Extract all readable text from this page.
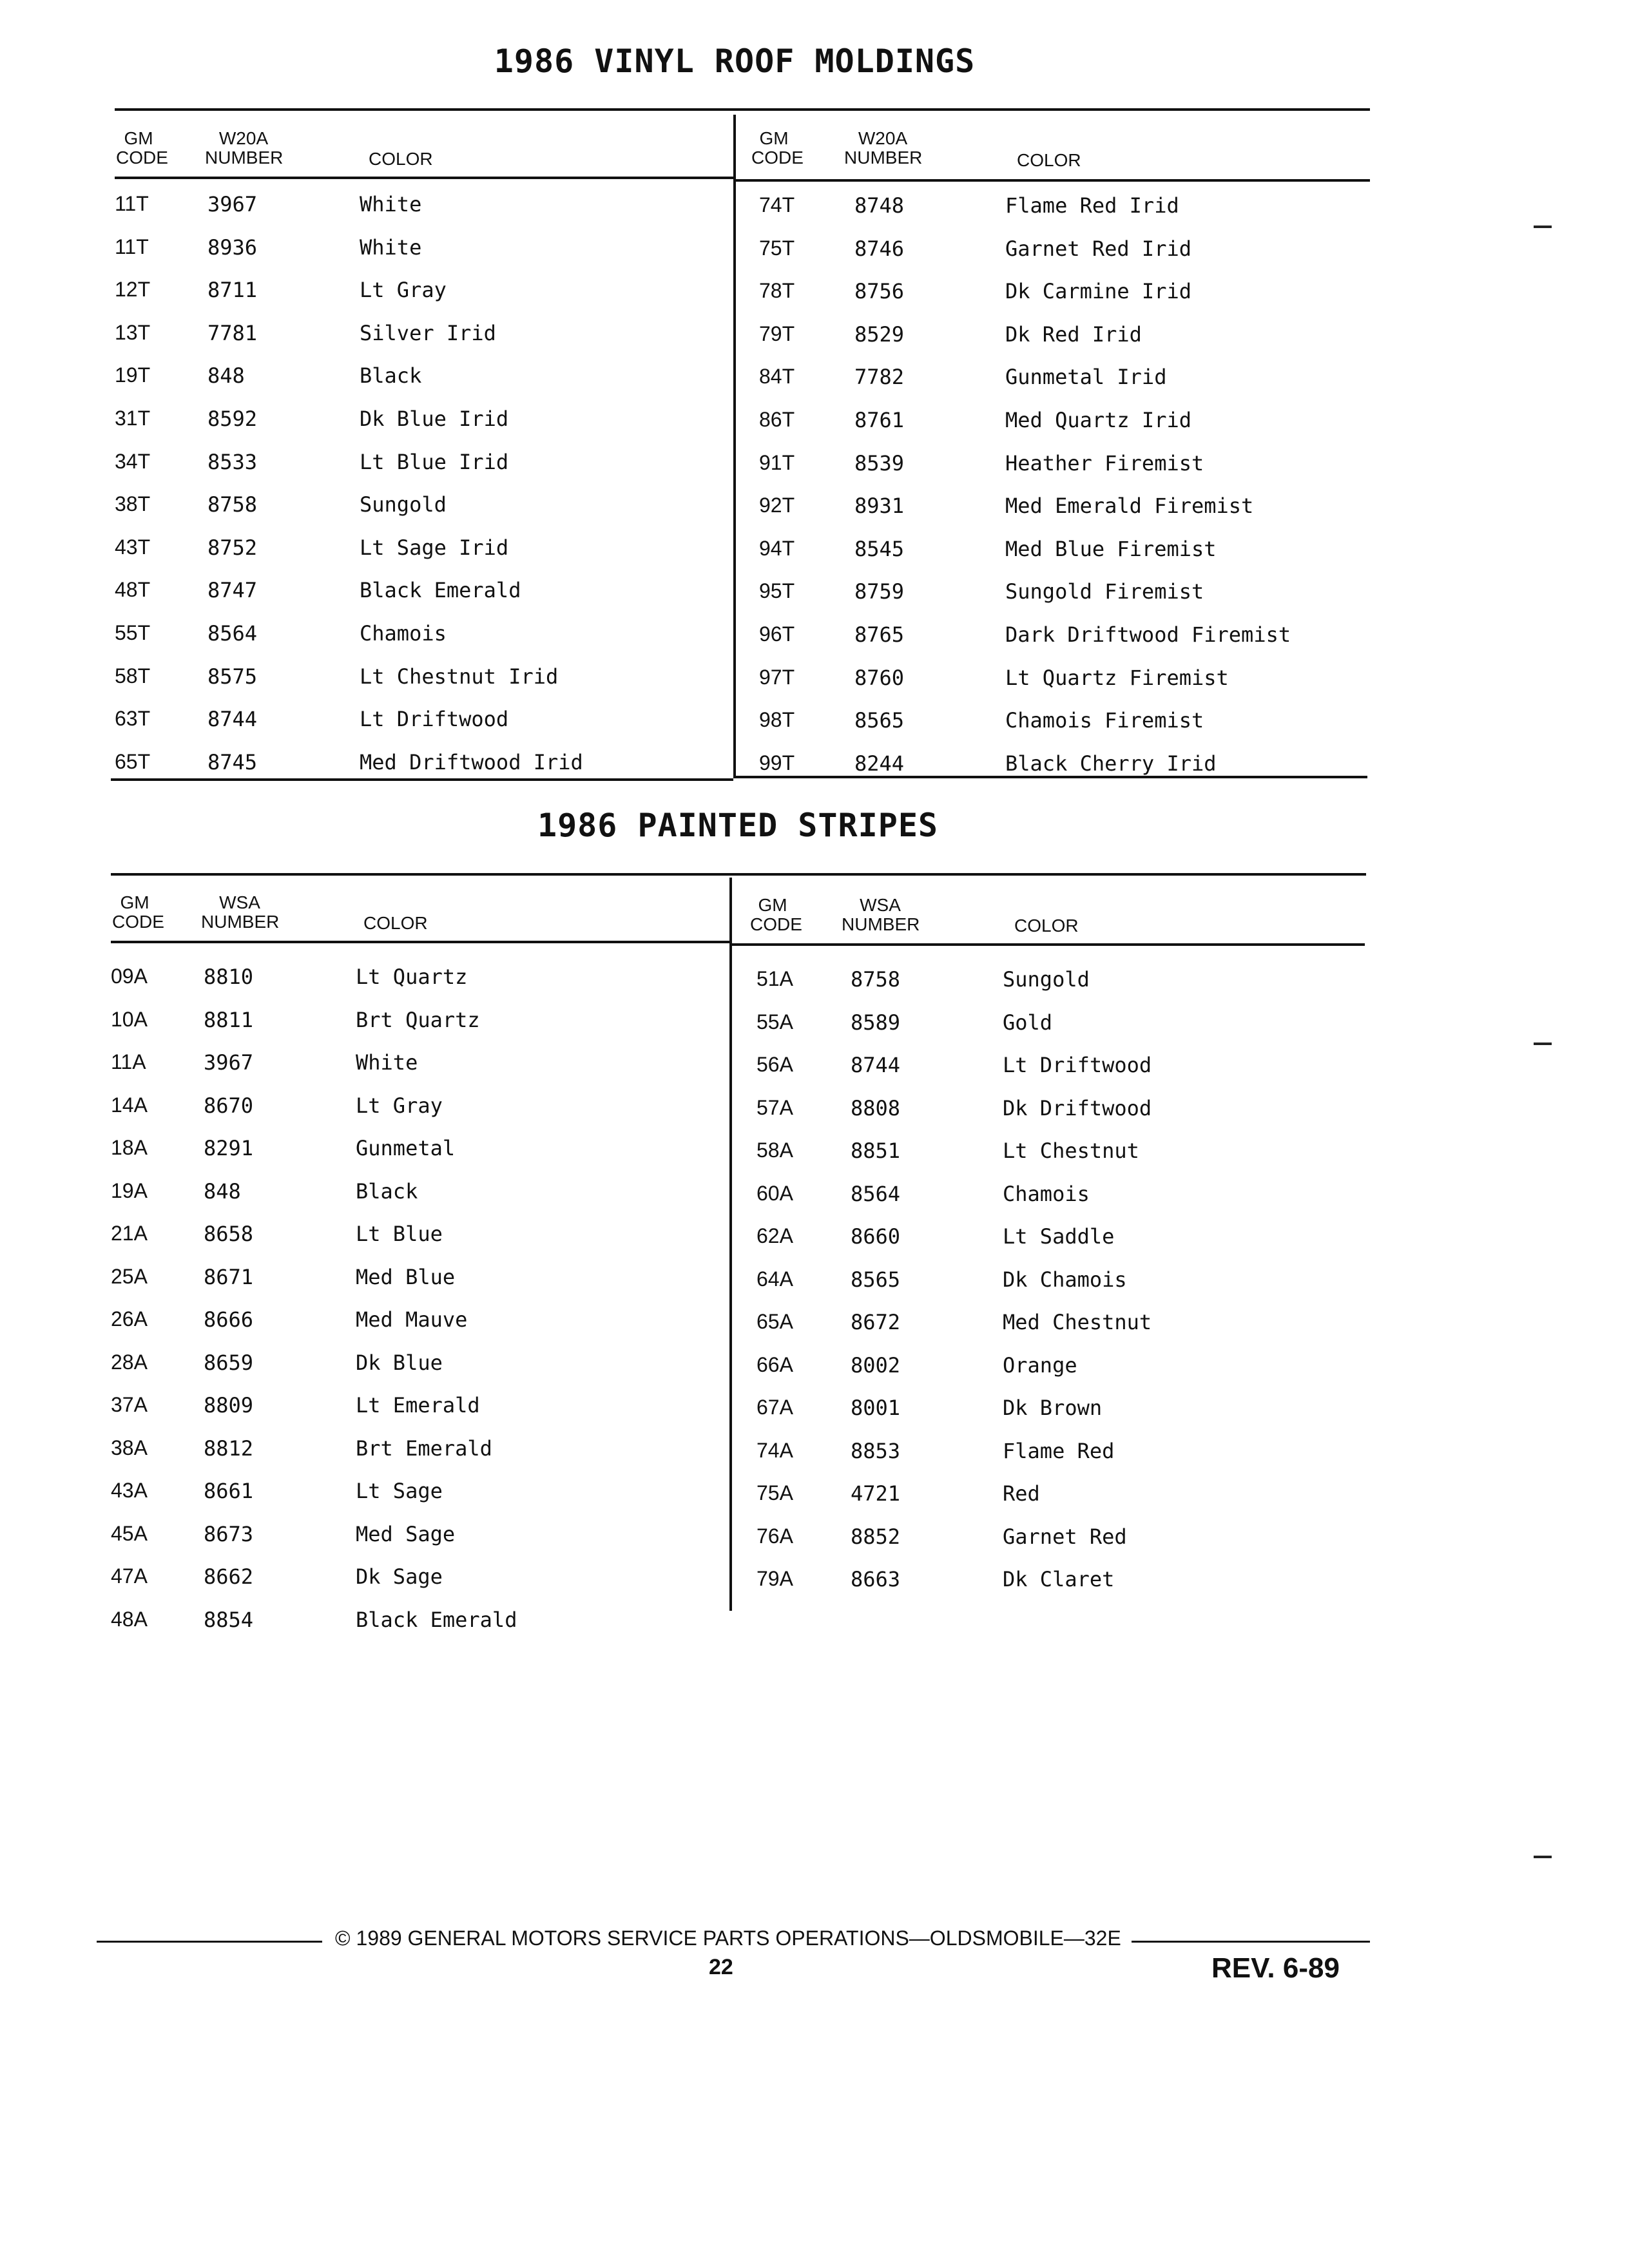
1986 VINYL ROOF MOLDINGS
GM
CODE
W20A
NUMBER	COLOR
GM
CODE
W20A
NUMBER	COLOR
11T	3967	White
11T	8936	White
12T	8711	Lt Gray
13T	7781	Silver Irid
19T	848	Black
31T	8592	Dk Blue Irid
34T	8533	Lt Blue Irid
38T	8758	Sungold
43T	8752	Lt Sage Irid
48T	8747	Black Emerald
55T	8564	Chamois
58T	8575	Lt Chestnut Irid
63T	8744	Lt Driftwood
65T	8745	Med Driftwood Irid
74T	8748	Flame Red Irid
75T	8746	Garnet Red Irid
78T	8756	Dk Carmine Irid
79T	8529	Dk Red Irid
84T	7782	Gunmetal Irid
86T	8761	Med Quartz Irid
91T	8539	Heather Firemist
92T	8931	Med Emerald Firemist
94T	8545	Med Blue Firemist
95T	8759	Sungold Firemist
96T	8765	Dark Driftwood Firemist
97T	8760	Lt Quartz Firemist
98T	8565	Chamois Firemist
99T	8244	Black Cherry Irid
1986 PAINTED STRIPES
GM
CODE
WSA
NUMBER	COLOR
GM
CODE
WSA
NUMBER	COLOR
09A	8810	Lt Quartz
10A	8811	Brt Quartz
11A	3967	White
14A	8670	Lt Gray
18A	8291	Gunmetal
19A	848	Black
21A	8658	Lt Blue
25A	8671	Med Blue
26A	8666	Med Mauve
28A	8659	Dk Blue
37A	8809	Lt Emerald
38A	8812	Brt Emerald
43A	8661	Lt Sage
45A	8673	Med Sage
47A	8662	Dk Sage
48A	8854	Black Emerald
51A	8758	Sungold
55A	8589	Gold
56A	8744	Lt Driftwood
57A	8808	Dk Driftwood
58A	8851	Lt Chestnut
60A	8564	Chamois
62A	8660	Lt Saddle
64A	8565	Dk Chamois
65A	8672	Med Chestnut
66A	8002	Orange
67A	8001	Dk Brown
74A	8853	Flame Red
75A	4721	Red
76A	8852	Garnet Red
79A	8663	Dk Claret
© 1989 GENERAL MOTORS SERVICE PARTS OPERATIONS—OLDSMOBILE—32E
22	REV. 6-89
